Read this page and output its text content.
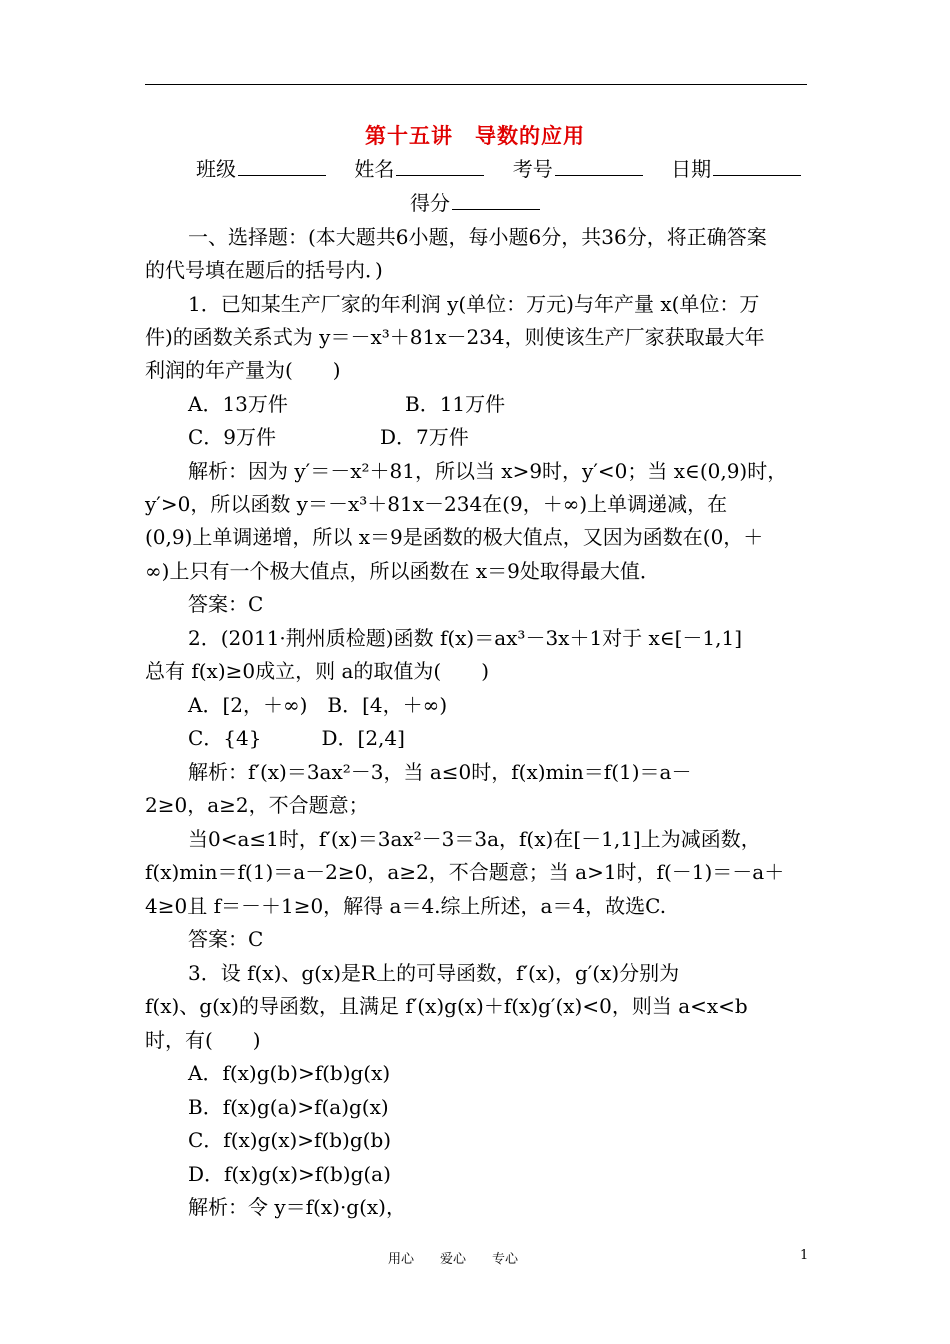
第十五讲　导数的应用
班级	姓名	考号	日期
得分
一、选择题：(本大题共6小题，每小题6分，共36分，将正确答案
的代号填在题后的括号内．)
1．已知某生产厂家的年利润 y(单位：万元)与年产量 x(单位：万
件)的函数关系式为 y＝－x³＋81x－234，则使该生产厂家获取最大年
利润的年产量为(　　)
A．13万件	B．11万件
C．9万件	D．7万件
解析：因为 y′＝－x²＋81，所以当 x>9时，y′<0；当 x∈(0,9)时，
y′>0，所以函数 y＝－x³＋81x－234在(9，＋∞)上单调递减，在
(0,9)上单调递增，所以 x＝9是函数的极大值点，又因为函数在(0，＋
∞)上只有一个极大值点，所以函数在 x＝9处取得最大值．
答案：C
2．(2011·荆州质检题)函数 f(x)＝ax³－3x＋1对于 x∈[－1,1]
总有 f(x)≥0成立，则 a的取值为(　　)
A．[2，＋∞)　B．[4，＋∞)
C．{4}　　　D．[2,4]
解析：f′(x)＝3ax²－3，当 a≤0时，f(x)min＝f(1)＝a－
2≥0，a≥2，不合题意；
当0<a≤1时，f′(x)＝3ax²－3＝3a，f(x)在[－1,1]上为减函数，
f(x)min＝f(1)＝a－2≥0，a≥2，不合题意；当 a>1时，f(－1)＝－a＋
4≥0且 f＝－＋1≥0，解得 a＝4.综上所述，a＝4，故选C.
答案：C
3．设 f(x)、g(x)是R上的可导函数，f′(x)，g′(x)分别为
f(x)、g(x)的导函数，且满足 f′(x)g(x)＋f(x)g′(x)<0，则当 a<x<b
时，有(　　)
A．f(x)g(b)>f(b)g(x)
B．f(x)g(a)>f(a)g(x)
C．f(x)g(x)>f(b)g(b)
D．f(x)g(x)>f(b)g(a)
解析：令 y＝f(x)·g(x)，
用心　　爱心　　专心	1
